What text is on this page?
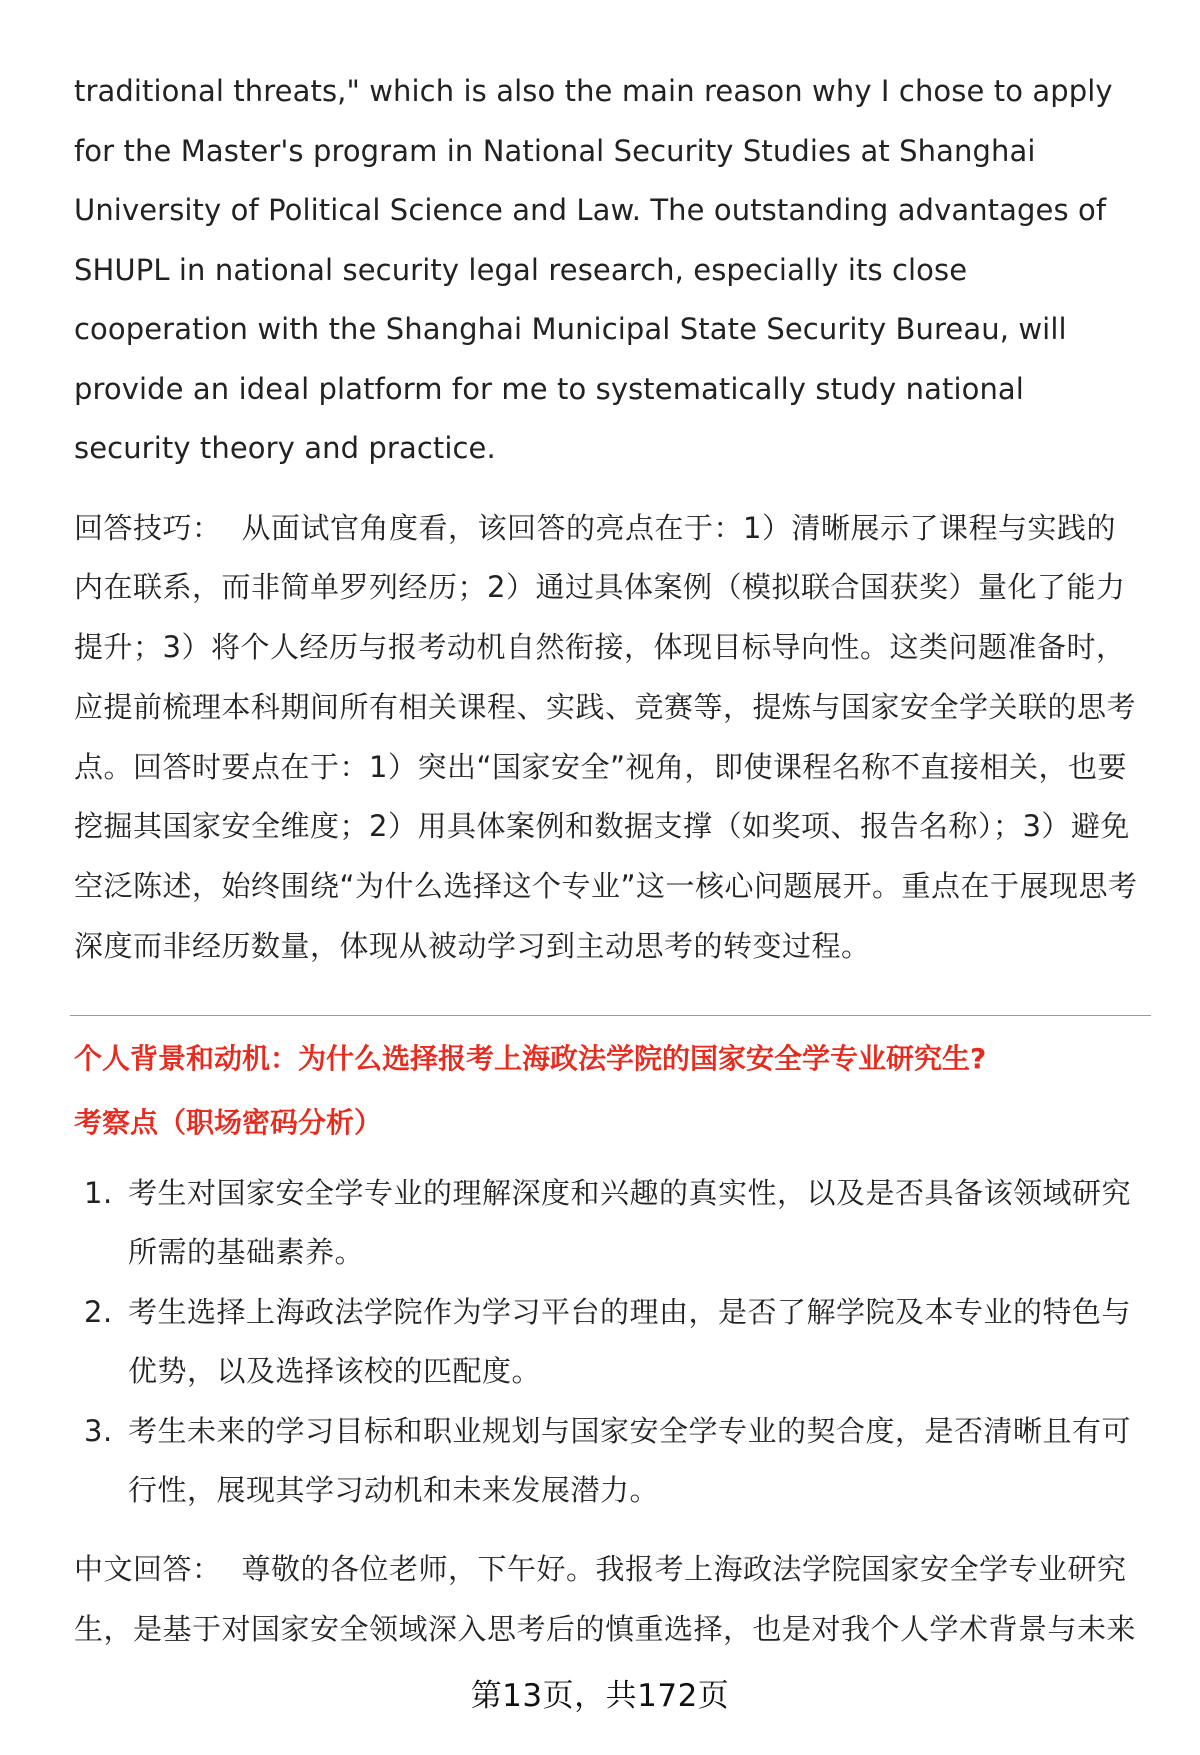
traditional threats," which is also the main reason why I chose to apply for the Master's program in National Security Studies at Shanghai University of Political Science and Law. The outstanding advantages of SHUPL in national security legal research, especially its close cooperation with the Shanghai Municipal State Security Bureau, will provide an ideal platform for me to systematically study national security theory and practice.

回答技巧： 从面试官角度看，该回答的亮点在于：1）清晰展示了课程与实践的内在联系，而非简单罗列经历；2）通过具体案例（模拟联合国获奖）量化了能力提升；3）将个人经历与报考动机自然衔接，体现目标导向性。这类问题准备时，应提前梳理本科期间所有相关课程、实践、竞赛等，提炼与国家安全学关联的思考点。回答时要点在于：1）突出“国家安全”视角，即使课程名称不直接相关，也要挖掘其国家安全维度；2）用具体案例和数据支撑（如奖项、报告名称）；3）避免空泛陈述，始终围绕“为什么选择这个专业”这一核心问题展开。重点在于展现思考深度而非经历数量，体现从被动学习到主动思考的转变过程。

个人背景和动机：为什么选择报考上海政法学院的国家安全学专业研究生?
考察点（职场密码分析）
1. 考生对国家安全学专业的理解深度和兴趣的真实性，以及是否具备该领域研究所需的基础素养。
2. 考生选择上海政法学院作为学习平台的理由，是否了解学院及本专业的特色与优势，以及选择该校的匹配度。
3. 考生未来的学习目标和职业规划与国家安全学专业的契合度，是否清晰且有可行性，展现其学习动机和未来发展潜力。

中文回答： 尊敬的各位老师，下午好。我报考上海政法学院国家安全学专业研究生，是基于对国家安全领域深入思考后的慎重选择，也是对我个人学术背景与未来

第13页，共172页
